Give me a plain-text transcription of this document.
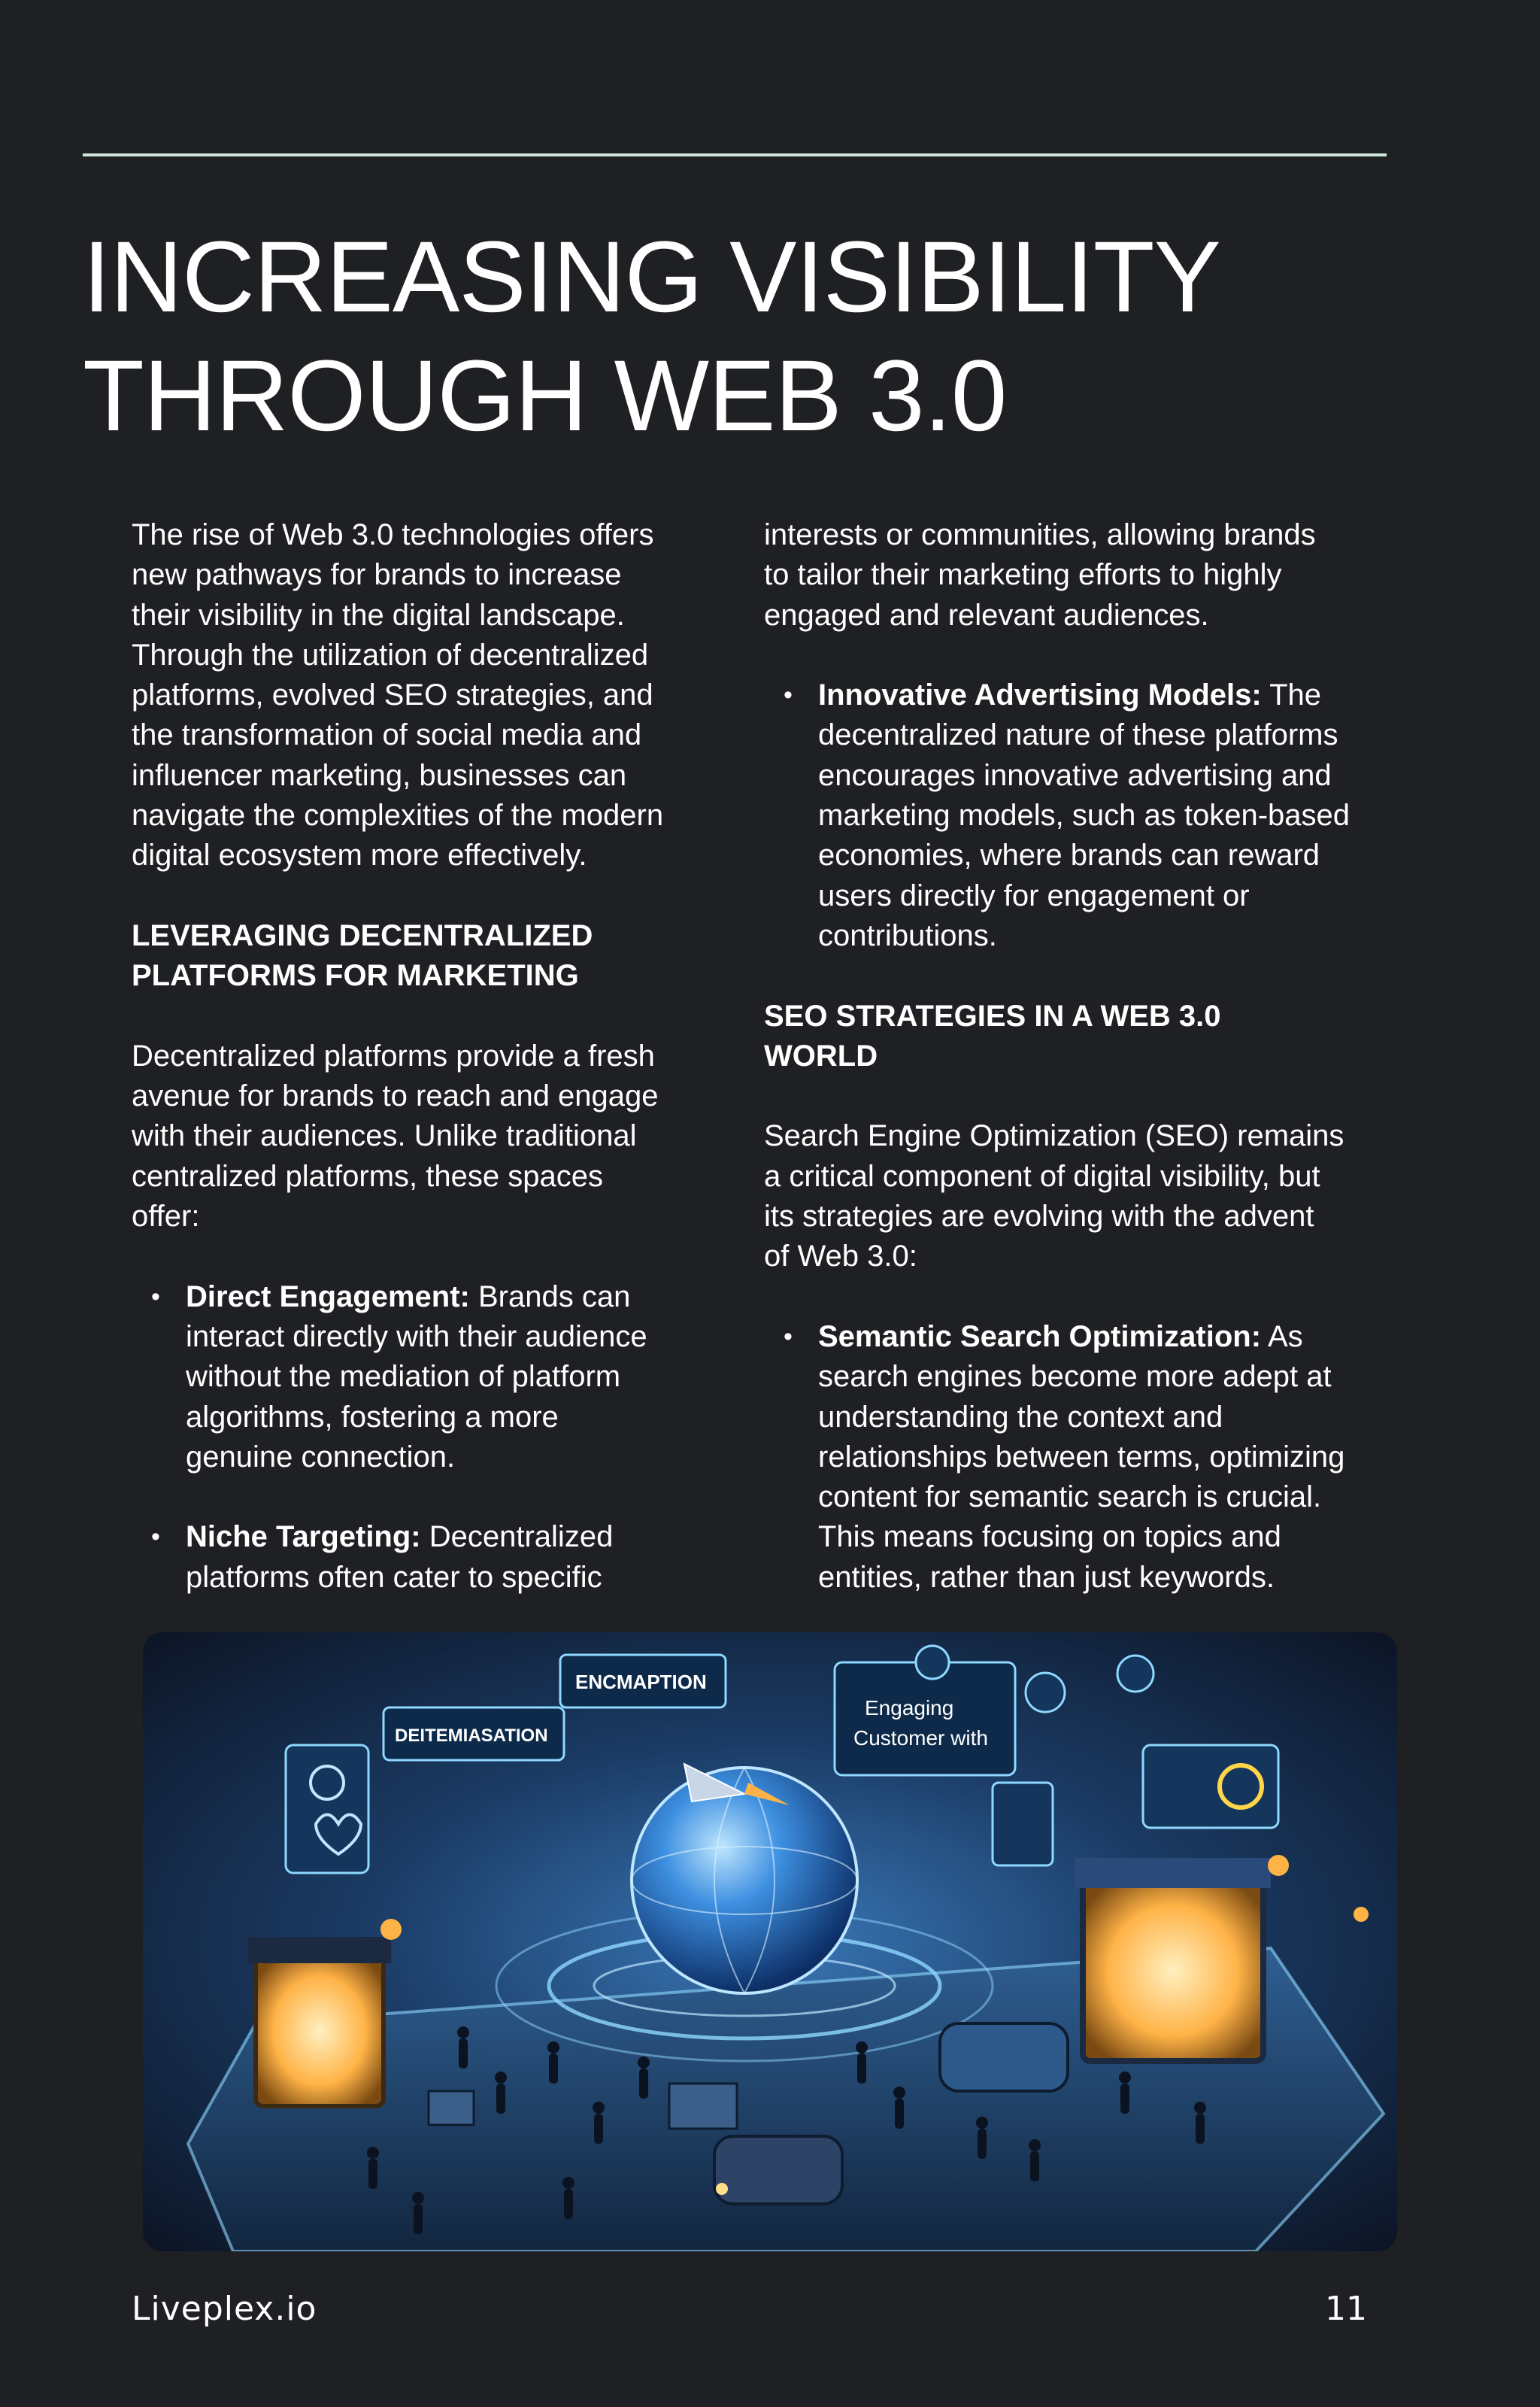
INCREASING VISIBILITY
THROUGH WEB 3.0

The rise of Web 3.0 technologies offers
new pathways for brands to increase
their visibility in the digital landscape.
Through the utilization of decentralized
platforms, evolved SEO strategies, and
the transformation of social media and
influencer marketing, businesses can
navigate the complexities of the modern
digital ecosystem more effectively.

LEVERAGING DECENTRALIZED
PLATFORMS FOR MARKETING

Decentralized platforms provide a fresh
avenue for brands to reach and engage
with their audiences. Unlike traditional
centralized platforms, these spaces
offer:

• Direct Engagement: Brands can
interact directly with their audience
without the mediation of platform
algorithms, fostering a more
genuine connection.
• Niche Targeting: Decentralized
platforms often cater to specific

interests or communities, allowing brands
to tailor their marketing efforts to highly
engaged and relevant audiences.

• Innovative Advertising Models: The
decentralized nature of these platforms
encourages innovative advertising and
marketing models, such as token-based
economies, where brands can reward
users directly for engagement or
contributions.

SEO STRATEGIES IN A WEB 3.0
WORLD

Search Engine Optimization (SEO) remains
a critical component of digital visibility, but
its strategies are evolving with the advent
of Web 3.0:

• Semantic Search Optimization: As
search engines become more adept at
understanding the context and
relationships between terms, optimizing
content for semantic search is crucial.
This means focusing on topics and
entities, rather than just keywords.
ENCMAPTION
DEITEMIASATION
Engaging
Customer with
Liveplex.io	11
